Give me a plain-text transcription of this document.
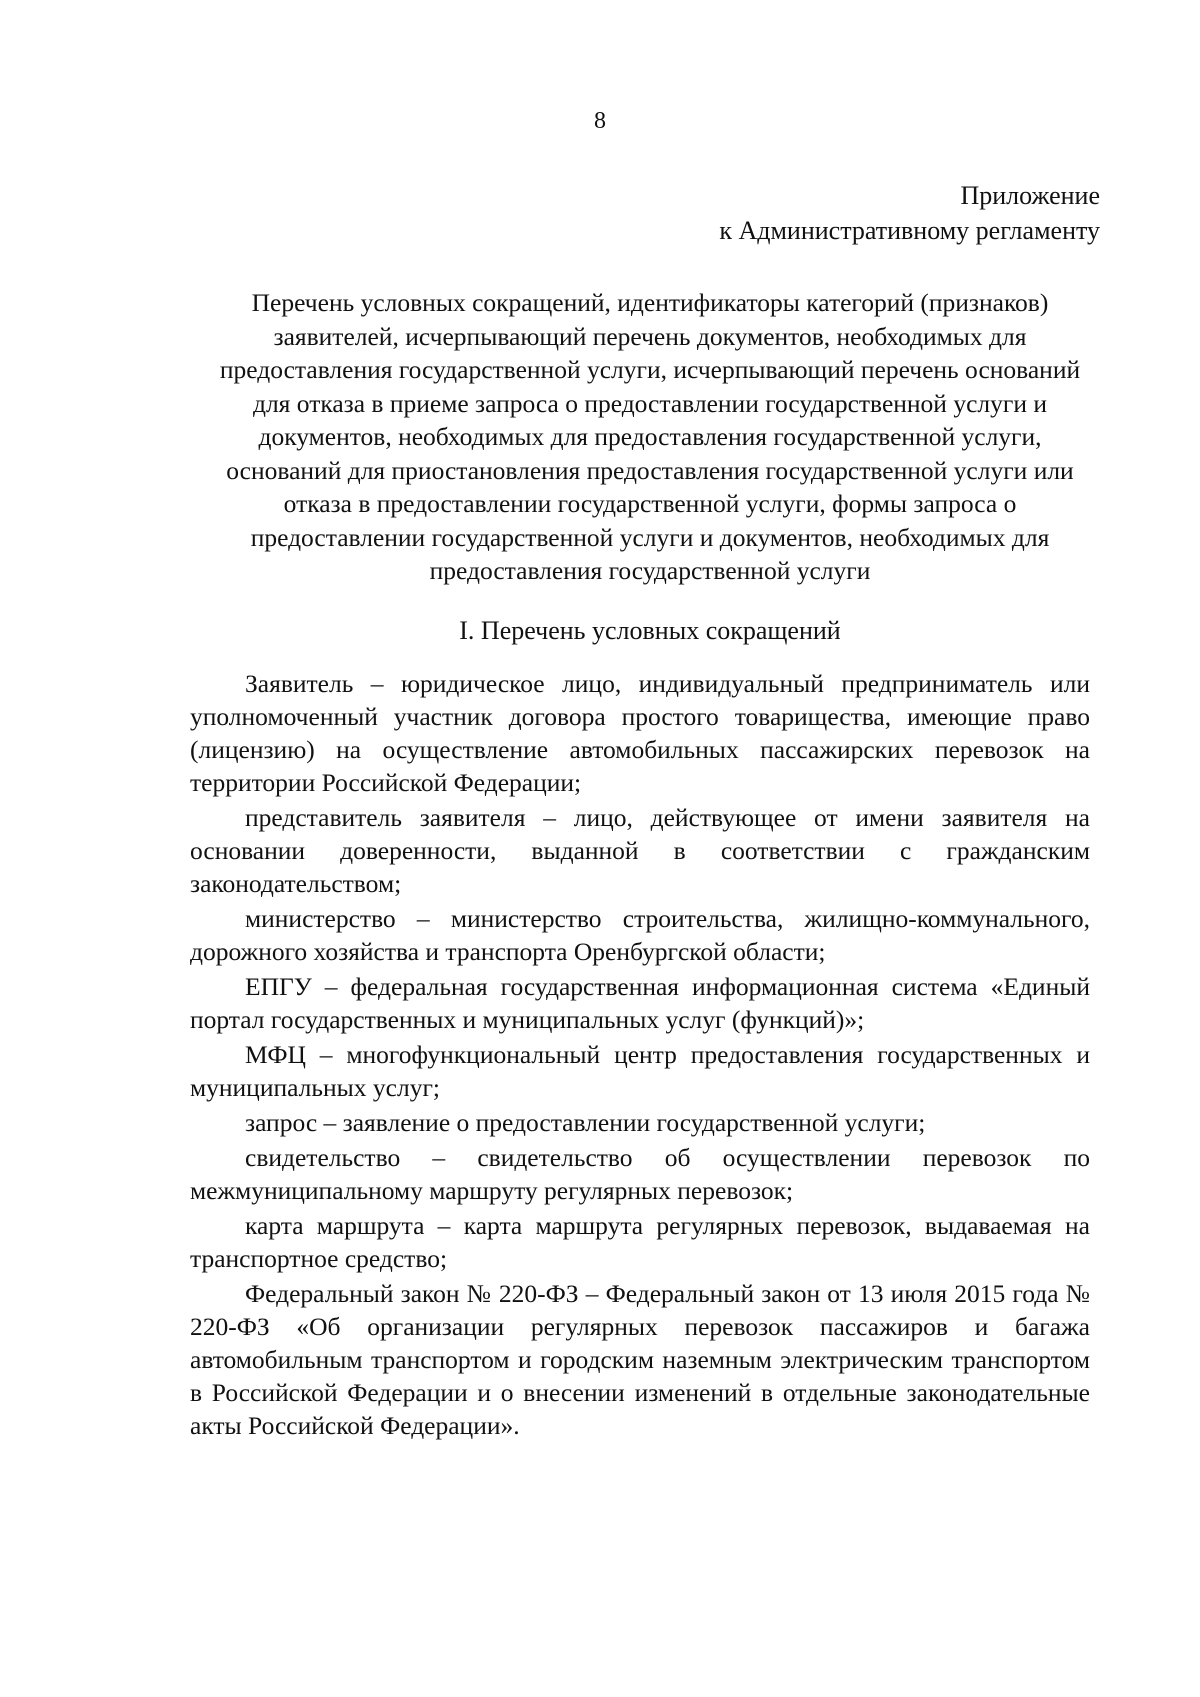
8
Приложение
к Административному регламенту
Перечень условных сокращений, идентификаторы категорий (признаков) заявителей, исчерпывающий перечень документов, необходимых для предоставления государственной услуги, исчерпывающий перечень оснований для отказа в приеме запроса о предоставлении государственной услуги и документов, необходимых для предоставления государственной услуги, оснований для приостановления предоставления государственной услуги или отказа в предоставлении государственной услуги, формы запроса о предоставлении государственной услуги и документов, необходимых для предоставления государственной услуги
I. Перечень условных сокращений

Заявитель – юридическое лицо, индивидуальный предприниматель или уполномоченный участник договора простого товарищества, имеющие право (лицензию) на осуществление автомобильных пассажирских перевозок на территории Российской Федерации;

представитель заявителя – лицо, действующее от имени заявителя на основании доверенности, выданной в соответствии с гражданским законодательством;

министерство – министерство строительства, жилищно-коммунального, дорожного хозяйства и транспорта Оренбургской области;

ЕПГУ – федеральная государственная информационная система «Единый портал государственных и муниципальных услуг (функций)»;

МФЦ – многофункциональный центр предоставления государственных и муниципальных услуг;

запрос – заявление о предоставлении государственной услуги;

свидетельство – свидетельство об осуществлении перевозок по межмуниципальному маршруту регулярных перевозок;

карта маршрута – карта маршрута регулярных перевозок, выдаваемая на транспортное средство;

Федеральный закон № 220-ФЗ – Федеральный закон от 13 июля 2015 года № 220-ФЗ «Об организации регулярных перевозок пассажиров и багажа автомобильным транспортом и городским наземным электрическим транспортом в Российской Федерации и о внесении изменений в отдельные законодательные акты Российской Федерации».
